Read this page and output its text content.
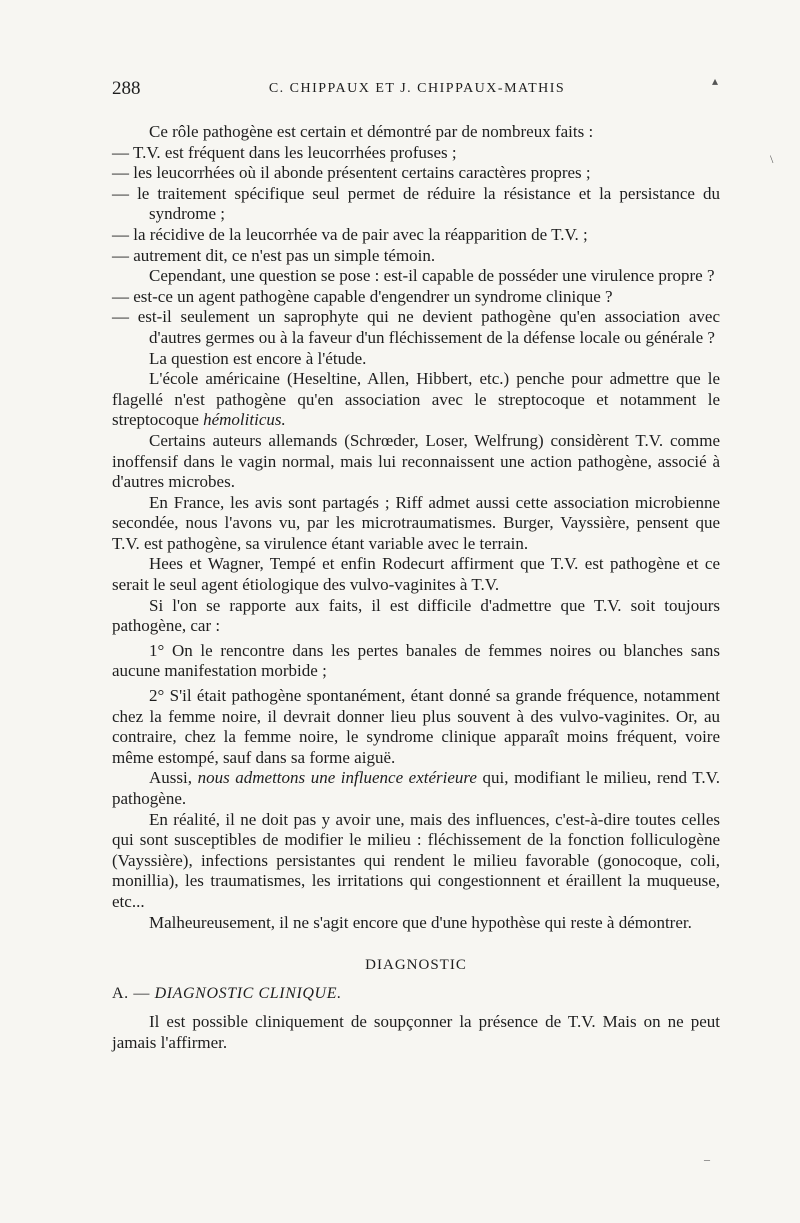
288	C. CHIPPAUX ET J. CHIPPAUX-MATHIS

Ce rôle pathogène est certain et démontré par de nombreux faits :

— T.V. est fréquent dans les leucorrhées profuses ;

— les leucorrhées où il abonde présentent certains caractères propres ;

— le traitement spécifique seul permet de réduire la résistance et la persistance du syndrome ;

— la récidive de la leucorrhée va de pair avec la réapparition de T.V. ;

— autrement dit, ce n'est pas un simple témoin.

Cependant, une question se pose : est-il capable de posséder une virulence propre ?

— est-ce un agent pathogène capable d'engendrer un syndrome clinique ?

— est-il seulement un saprophyte qui ne devient pathogène qu'en association avec d'autres germes ou à la faveur d'un fléchissement de la défense locale ou générale ?

La question est encore à l'étude.

L'école américaine (Heseltine, Allen, Hibbert, etc.) penche pour admettre que le flagellé n'est pathogène qu'en association avec le streptocoque et notamment le streptocoque hémoliticus.

Certains auteurs allemands (Schrœder, Loser, Welfrung) considèrent T.V. comme inoffensif dans le vagin normal, mais lui reconnaissent une action pathogène, associé à d'autres microbes.

En France, les avis sont partagés ; Riff admet aussi cette association microbienne secondée, nous l'avons vu, par les microtraumatismes. Burger, Vayssière, pensent que T.V. est pathogène, sa virulence étant variable avec le terrain.

Hees et Wagner, Tempé et enfin Rodecurt affirment que T.V. est pathogène et ce serait le seul agent étiologique des vulvo-vaginites à T.V.

Si l'on se rapporte aux faits, il est difficile d'admettre que T.V. soit toujours pathogène, car :

1° On le rencontre dans les pertes banales de femmes noires ou blanches sans aucune manifestation morbide ;

2° S'il était pathogène spontanément, étant donné sa grande fréquence, notamment chez la femme noire, il devrait donner lieu plus souvent à des vulvo-vaginites. Or, au contraire, chez la femme noire, le syndrome clinique apparaît moins fréquent, voire même estompé, sauf dans sa forme aiguë.

Aussi, nous admettons une influence extérieure qui, modifiant le milieu, rend T.V. pathogène.

En réalité, il ne doit pas y avoir une, mais des influences, c'est-à-dire toutes celles qui sont susceptibles de modifier le milieu : fléchissement de la fonction folliculogène (Vayssière), infections persistantes qui rendent le milieu favorable (gonocoque, coli, monillia), les traumatismes, les irritations qui congestionnent et éraillent la muqueuse, etc...

Malheureusement, il ne s'agit encore que d'une hypothèse qui reste à démontrer.

DIAGNOSTIC
A. — DIAGNOSTIC CLINIQUE.

Il est possible cliniquement de soupçonner la présence de T.V. Mais on ne peut jamais l'affirmer.

▴
\
‒
